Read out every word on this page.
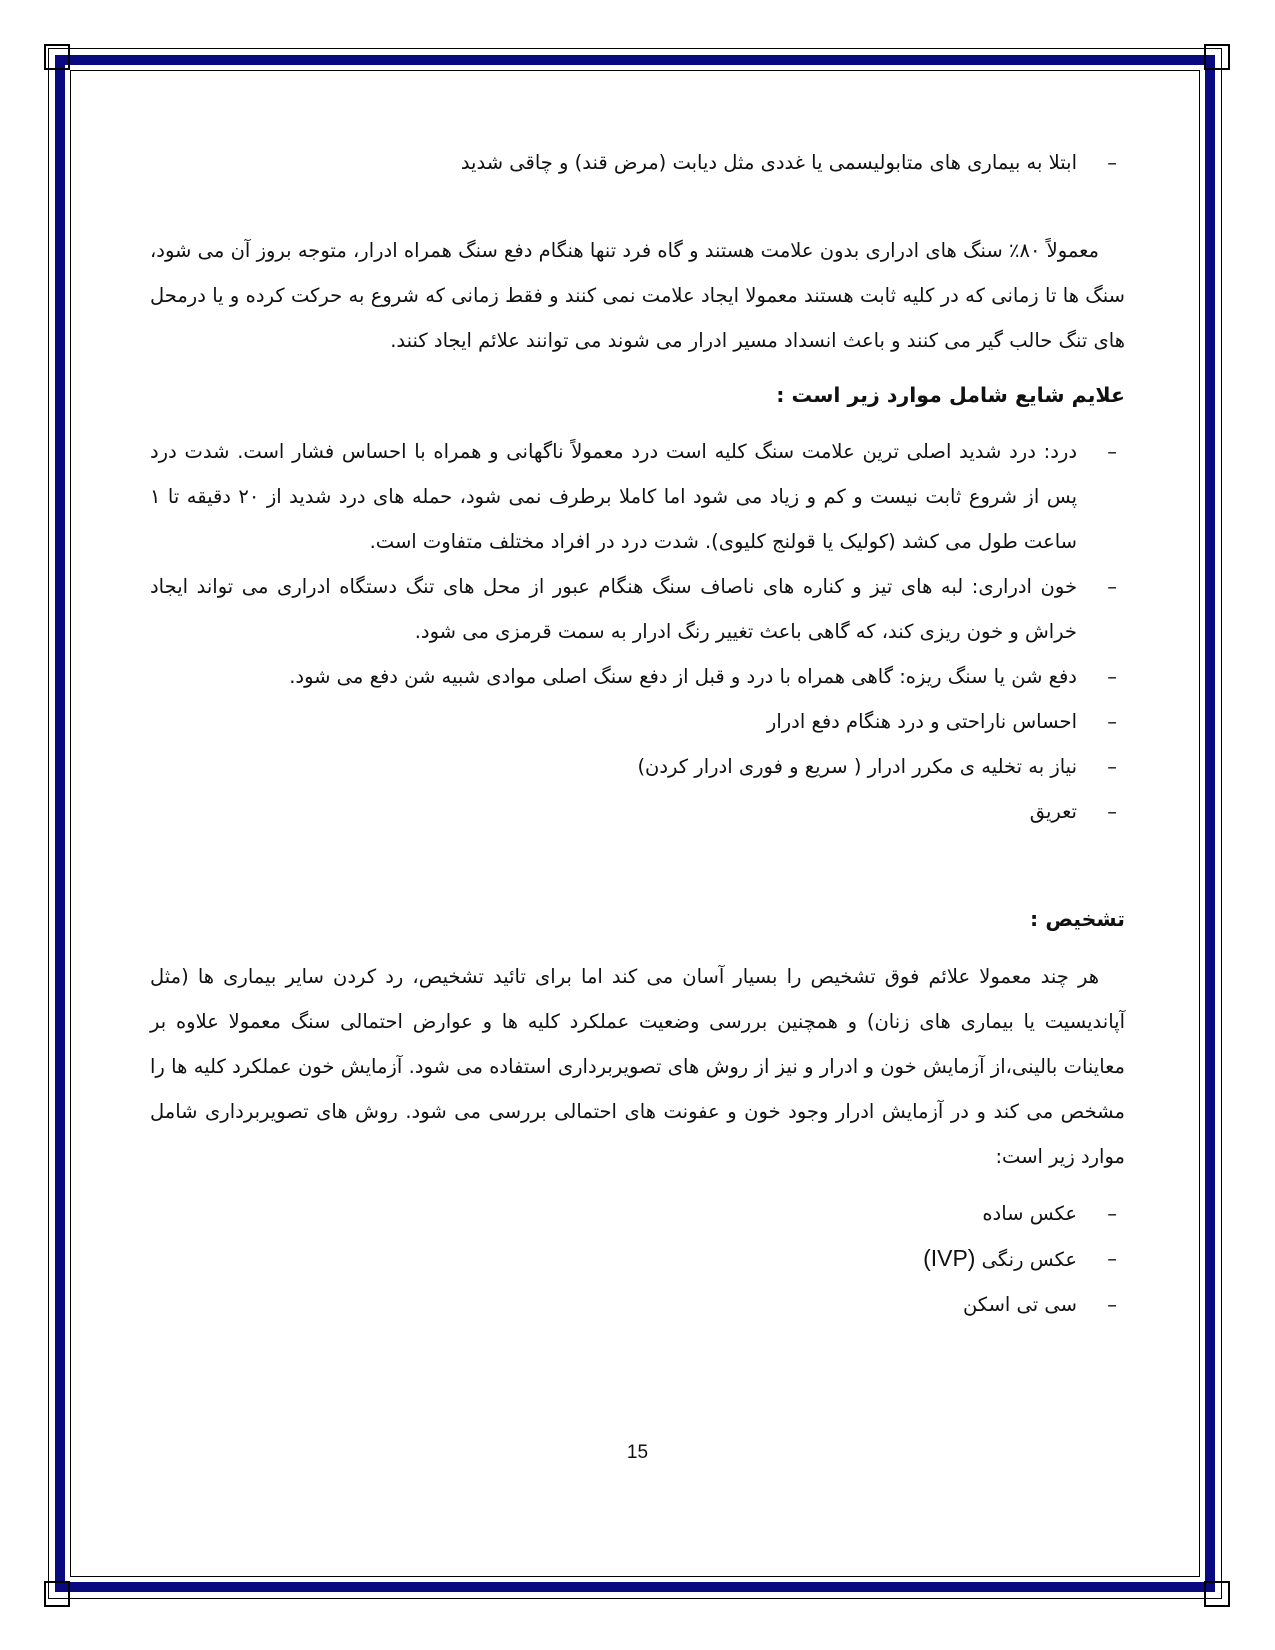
–
ابتلا به بیماری های متابولیسمی یا غددی مثل دیابت (مرض قند) و چاقی شدید

معمولاً ۸۰٪ سنگ های ادراری بدون علامت هستند و گاه فرد تنها هنگام دفع سنگ همراه ادرار، متوجه بروز آن می شود، سنگ ها تا زمانی که در کلیه ثابت هستند معمولا ایجاد علامت نمی کنند و فقط زمانی که شروع به حرکت کرده و یا درمحل های تنگ حالب گیر می کنند و باعث انسداد مسیر ادرار می شوند می توانند علائم ایجاد کنند.

علایم شایع شامل موارد زیر است :

–
درد: درد شدید اصلی ترین علامت سنگ کلیه است درد معمولاً ناگهانی و همراه با احساس فشار است. شدت درد پس از شروع ثابت نیست و کم و زیاد می شود اما کاملا برطرف نمی شود، حمله های درد شدید از ۲۰ دقیقه تا ۱ ساعت طول می کشد (کولیک یا قولنج کلیوی). شدت درد در افراد مختلف متفاوت است.
–
خون ادراری: لبه های تیز و کناره های ناصاف سنگ هنگام عبور از محل های تنگ دستگاه ادراری می تواند ایجاد خراش و خون ریزی کند، که گاهی باعث تغییر رنگ ادرار به سمت قرمزی می شود.
–
دفع شن یا سنگ ریزه: گاهی همراه با درد و قبل از دفع سنگ اصلی موادی شبیه شن دفع می شود.
–
احساس ناراحتی و درد هنگام دفع ادرار
–
نیاز به تخلیه ی مکرر ادرار ( سریع و فوری ادرار کردن)
–
تعریق

تشخیص :

هر چند معمولا علائم فوق تشخیص را بسیار آسان می کند اما برای تائید تشخیص، رد کردن سایر بیماری ها (مثل آپاندیسیت یا بیماری های زنان) و همچنین بررسی وضعیت عملکرد کلیه ها و عوارض احتمالی سنگ معمولا علاوه بر معاینات بالینی،از آزمایش خون و ادرار و نیز از روش های تصویربرداری استفاده می شود. آزمایش خون عملکرد کلیه ها را مشخص می کند و در آزمایش ادرار وجود خون و عفونت های احتمالی بررسی می شود. روش های تصویربرداری شامل موارد زیر است:

–
عکس ساده
–
عکس رنگی (IVP)
–
سی تی اسکن
15
